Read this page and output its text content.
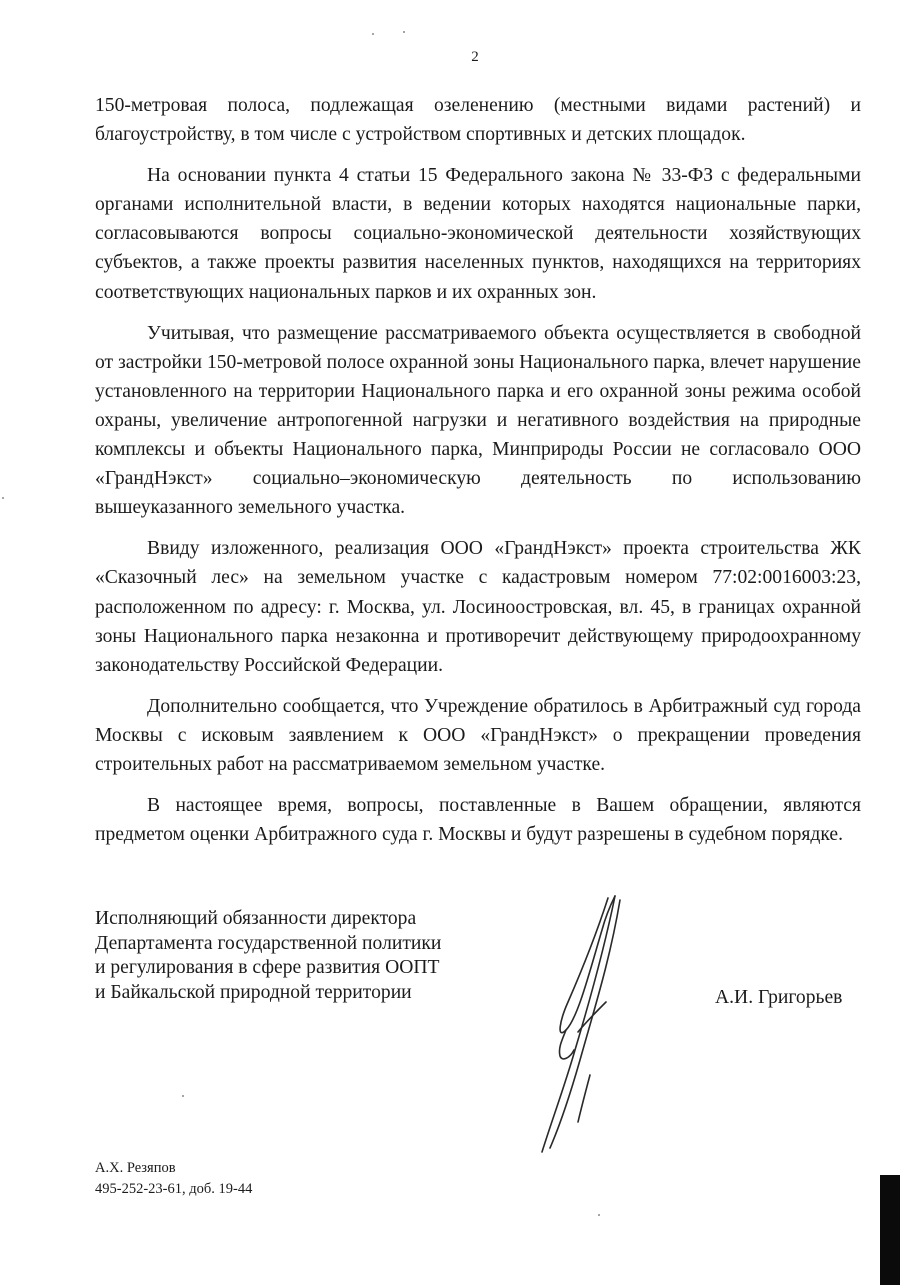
2

150-метровая полоса, подлежащая озеленению (местными видами растений) и благоустройству, в том числе с устройством спортивных и детских площадок.

На основании пункта 4 статьи 15 Федерального закона № 33-ФЗ с федеральными органами исполнительной власти, в ведении которых находятся национальные парки, согласовываются вопросы социально-экономической деятельности хозяйствующих субъектов, а также проекты развития населенных пунктов, находящихся на территориях соответствующих национальных парков и их охранных зон.

Учитывая, что размещение рассматриваемого объекта осуществляется в свободной от застройки 150-метровой полосе охранной зоны Национального парка, влечет нарушение установленного на территории Национального парка и его охранной зоны режима особой охраны, увеличение антропогенной нагрузки и негативного воздействия на природные комплексы и объекты Национального парка, Минприроды России не согласовало ООО «ГрандНэкст» социально–экономическую деятельность по использованию вышеуказанного земельного участка.

Ввиду изложенного, реализация ООО «ГрандНэкст» проекта строительства ЖК «Сказочный лес» на земельном участке с кадастровым номером 77:02:0016003:23, расположенном по адресу: г. Москва, ул. Лосиноостровская, вл. 45, в границах охранной зоны Национального парка незаконна и противоречит действующему природоохранному законодательству Российской Федерации.

Дополнительно сообщается, что Учреждение обратилось в Арбитражный суд города Москвы с исковым заявлением к ООО «ГрандНэкст» о прекращении проведения строительных работ на рассматриваемом земельном участке.

В настоящее время, вопросы, поставленные в Вашем обращении, являются предметом оценки Арбитражного суда г. Москвы и будут разрешены в судебном порядке.

Исполняющий обязанности директора
Департамента государственной политики
и регулирования в сфере развития ООПТ
и Байкальской природной территории	А.И. Григорьев
А.Х. Резяпов
495-252-23-61, доб. 19-44
